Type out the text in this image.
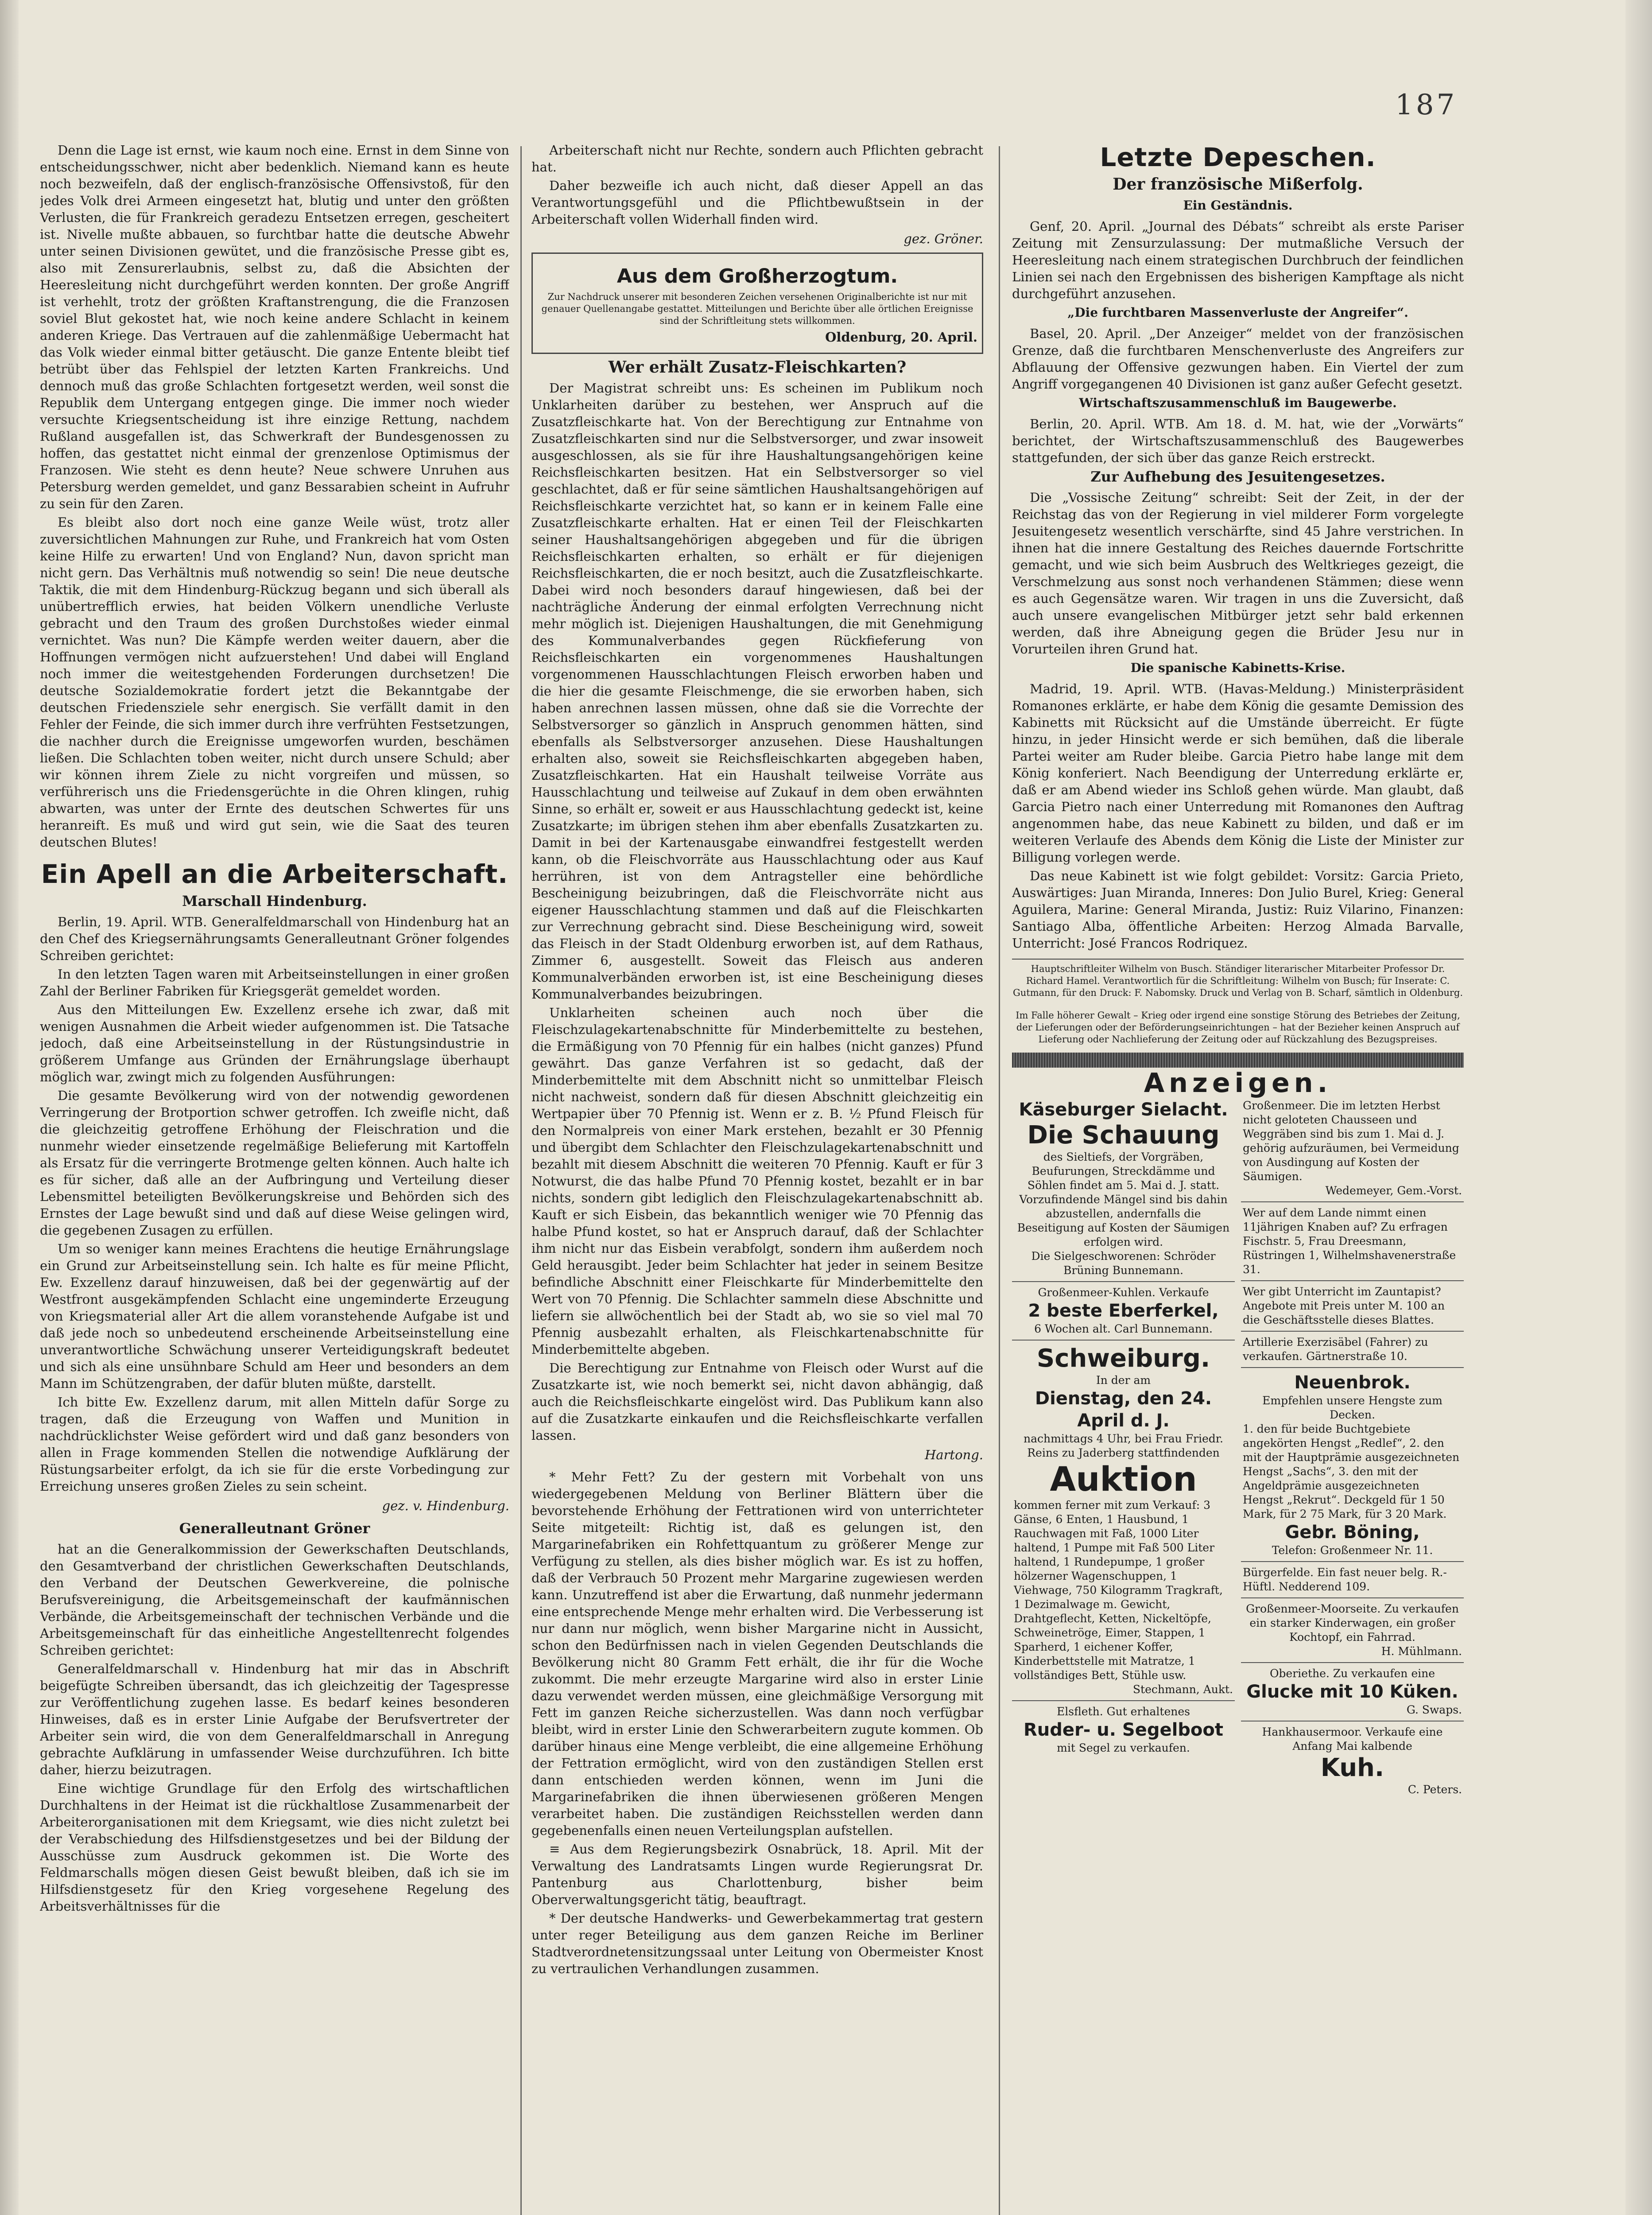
187

Denn die Lage ist ernst, wie kaum noch eine. Ernst in dem Sinne von entscheidungsschwer, nicht aber bedenklich. Niemand kann es heute noch bezweifeln, daß der englisch-französische Offensivstoß, für den jedes Volk drei Armeen eingesetzt hat, blutig und unter den größten Verlusten, die für Frankreich geradezu Entsetzen erregen, gescheitert ist. Nivelle mußte abbauen, so furchtbar hatte die deutsche Abwehr unter seinen Divisionen gewütet, und die französische Presse gibt es, also mit Zensurerlaubnis, selbst zu, daß die Absichten der Heeresleitung nicht durchgeführt werden konnten. Der große Angriff ist verhehlt, trotz der größten Kraftanstrengung, die die Franzosen soviel Blut gekostet hat, wie noch keine andere Schlacht in keinem anderen Kriege. Das Vertrauen auf die zahlenmäßige Uebermacht hat das Volk wieder einmal bitter getäuscht. Die ganze Entente bleibt tief betrübt über das Fehlspiel der letzten Karten Frankreichs. Und dennoch muß das große Schlachten fortgesetzt werden, weil sonst die Republik dem Untergang entgegen ginge. Die immer noch wieder versuchte Kriegsentscheidung ist ihre einzige Rettung, nachdem Rußland ausgefallen ist, das Schwerkraft der Bundesgenossen zu hoffen, das gestattet nicht einmal der grenzenlose Optimismus der Franzosen. Wie steht es denn heute? Neue schwere Unruhen aus Petersburg werden gemeldet, und ganz Bessarabien scheint in Aufruhr zu sein für den Zaren.

Es bleibt also dort noch eine ganze Weile wüst, trotz aller zuversichtlichen Mahnungen zur Ruhe, und Frankreich hat vom Osten keine Hilfe zu erwarten! Und von England? Nun, davon spricht man nicht gern. Das Verhältnis muß notwendig so sein! Die neue deutsche Taktik, die mit dem Hindenburg-Rückzug begann und sich überall als unübertrefflich erwies, hat beiden Völkern unendliche Verluste gebracht und den Traum des großen Durchstoßes wieder einmal vernichtet. Was nun? Die Kämpfe werden weiter dauern, aber die Hoffnungen vermögen nicht aufzuerstehen! Und dabei will England noch immer die weitestgehenden Forderungen durchsetzen! Die deutsche Sozialdemokratie fordert jetzt die Bekanntgabe der deutschen Friedensziele sehr energisch. Sie verfällt damit in den Fehler der Feinde, die sich immer durch ihre verfrühten Festsetzungen, die nachher durch die Ereignisse umgeworfen wurden, beschämen ließen. Die Schlachten toben weiter, nicht durch unsere Schuld; aber wir können ihrem Ziele zu nicht vorgreifen und müssen, so verführerisch uns die Friedensgerüchte in die Ohren klingen, ruhig abwarten, was unter der Ernte des deutschen Schwertes für uns heranreift. Es muß und wird gut sein, wie die Saat des teuren deutschen Blutes!

Ein Apell an die Arbeiterschaft.
Marschall Hindenburg.

Berlin, 19. April. WTB. Generalfeldmarschall von Hindenburg hat an den Chef des Kriegsernährungsamts Generalleutnant Gröner folgendes Schreiben gerichtet:

In den letzten Tagen waren mit Arbeitseinstellungen in einer großen Zahl der Berliner Fabriken für Kriegsgerät gemeldet worden.

Aus den Mitteilungen Ew. Exzellenz ersehe ich zwar, daß mit wenigen Ausnahmen die Arbeit wieder aufgenommen ist. Die Tatsache jedoch, daß eine Arbeitseinstellung in der Rüstungsindustrie in größerem Umfange aus Gründen der Ernährungslage überhaupt möglich war, zwingt mich zu folgenden Ausführungen:

Die gesamte Bevölkerung wird von der notwendig gewordenen Verringerung der Brotportion schwer getroffen. Ich zweifle nicht, daß die gleichzeitig getroffene Erhöhung der Fleischration und die nunmehr wieder einsetzende regelmäßige Belieferung mit Kartoffeln als Ersatz für die verringerte Brotmenge gelten können. Auch halte ich es für sicher, daß alle an der Aufbringung und Verteilung dieser Lebensmittel beteiligten Bevölkerungskreise und Behörden sich des Ernstes der Lage bewußt sind und daß auf diese Weise gelingen wird, die gegebenen Zusagen zu erfüllen.

Um so weniger kann meines Erachtens die heutige Ernährungslage ein Grund zur Arbeitseinstellung sein. Ich halte es für meine Pflicht, Ew. Exzellenz darauf hinzuweisen, daß bei der gegenwärtig auf der Westfront ausgekämpfenden Schlacht eine ungeminderte Erzeugung von Kriegsmaterial aller Art die allem voranstehende Aufgabe ist und daß jede noch so unbedeutend erscheinende Arbeitseinstellung eine unverantwortliche Schwächung unserer Verteidigungskraft bedeutet und sich als eine unsühnbare Schuld am Heer und besonders an dem Mann im Schützengraben, der dafür bluten müßte, darstellt.

Ich bitte Ew. Exzellenz darum, mit allen Mitteln dafür Sorge zu tragen, daß die Erzeugung von Waffen und Munition in nachdrücklichster Weise gefördert wird und daß ganz besonders von allen in Frage kommenden Stellen die notwendige Aufklärung der Rüstungsarbeiter erfolgt, da ich sie für die erste Vorbedingung zur Erreichung unseres großen Zieles zu sein scheint.

gez. v. Hindenburg.
Generalleutnant Gröner

hat an die Generalkommission der Gewerkschaften Deutschlands, den Gesamtverband der christlichen Gewerkschaften Deutschlands, den Verband der Deutschen Gewerkvereine, die polnische Berufsvereinigung, die Arbeitsgemeinschaft der kaufmännischen Verbände, die Arbeitsgemeinschaft der technischen Verbände und die Arbeitsgemeinschaft für das einheitliche Angestelltenrecht folgendes Schreiben gerichtet:

Generalfeldmarschall v. Hindenburg hat mir das in Abschrift beigefügte Schreiben übersandt, das ich gleichzeitig der Tagespresse zur Veröffentlichung zugehen lasse. Es bedarf keines besonderen Hinweises, daß es in erster Linie Aufgabe der Berufsvertreter der Arbeiter sein wird, die von dem Generalfeldmarschall in Anregung gebrachte Aufklärung in umfassender Weise durchzuführen. Ich bitte daher, hierzu beizutragen.

Eine wichtige Grundlage für den Erfolg des wirtschaftlichen Durchhaltens in der Heimat ist die rückhaltlose Zusammenarbeit der Arbeiterorganisationen mit dem Kriegsamt, wie dies nicht zuletzt bei der Verabschiedung des Hilfsdienstgesetzes und bei der Bildung der Ausschüsse zum Ausdruck gekommen ist. Die Worte des Feldmarschalls mögen diesen Geist bewußt bleiben, daß ich sie im Hilfsdienstgesetz für den Krieg vorgesehene Regelung des Arbeitsverhältnisses für die

Arbeiterschaft nicht nur Rechte, sondern auch Pflichten gebracht hat.

Daher bezweifle ich auch nicht, daß dieser Appell an das Verantwortungsgefühl und die Pflichtbewußtsein in der Arbeiterschaft vollen Widerhall finden wird.

gez. Gröner.
Aus dem Großherzogtum.
Zur Nachdruck unserer mit besonderen Zeichen versehenen Originalberichte ist nur mit genauer Quellenangabe gestattet. Mitteilungen und Berichte über alle örtlichen Ereignisse sind der Schriftleitung stets willkommen.
Oldenburg, 20. April.
Wer erhält Zusatz-Fleischkarten?

Der Magistrat schreibt uns: Es scheinen im Publikum noch Unklarheiten darüber zu bestehen, wer Anspruch auf die Zusatzfleischkarte hat. Von der Berechtigung zur Entnahme von Zusatzfleischkarten sind nur die Selbstversorger, und zwar insoweit ausgeschlossen, als sie für ihre Haushaltungsangehörigen keine Reichsfleischkarten besitzen. Hat ein Selbstversorger so viel geschlachtet, daß er für seine sämtlichen Haushaltsangehörigen auf Reichsfleischkarte verzichtet hat, so kann er in keinem Falle eine Zusatzfleischkarte erhalten. Hat er einen Teil der Fleischkarten seiner Haushaltsangehörigen abgegeben und für die übrigen Reichsfleischkarten erhalten, so erhält er für diejenigen Reichsfleischkarten, die er noch besitzt, auch die Zusatzfleischkarte. Dabei wird noch besonders darauf hingewiesen, daß bei der nachträgliche Änderung der einmal erfolgten Verrechnung nicht mehr möglich ist. Diejenigen Haushaltungen, die mit Genehmigung des Kommunalverbandes gegen Rückfieferung von Reichsfleischkarten ein vorgenommenes Haushaltungen vorgenommenen Hausschlachtungen Fleisch erworben haben und die hier die gesamte Fleischmenge, die sie erworben haben, sich haben anrechnen lassen müssen, ohne daß sie die Vorrechte der Selbstversorger so gänzlich in Anspruch genommen hätten, sind ebenfalls als Selbstversorger anzusehen. Diese Haushaltungen erhalten also, soweit sie Reichsfleischkarten abgegeben haben, Zusatzfleischkarten. Hat ein Haushalt teilweise Vorräte aus Hausschlachtung und teilweise auf Zukauf in dem oben erwähnten Sinne, so erhält er, soweit er aus Hausschlachtung gedeckt ist, keine Zusatzkarte; im übrigen stehen ihm aber ebenfalls Zusatzkarten zu. Damit in bei der Kartenausgabe einwandfrei festgestellt werden kann, ob die Fleischvorräte aus Hausschlachtung oder aus Kauf herrühren, ist von dem Antragsteller eine behördliche Bescheinigung beizubringen, daß die Fleischvorräte nicht aus eigener Hausschlachtung stammen und daß auf die Fleischkarten zur Verrechnung gebracht sind. Diese Bescheinigung wird, soweit das Fleisch in der Stadt Oldenburg erworben ist, auf dem Rathaus, Zimmer 6, ausgestellt. Soweit das Fleisch aus anderen Kommunalverbänden erworben ist, ist eine Bescheinigung dieses Kommunalverbandes beizubringen.

Unklarheiten scheinen auch noch über die Fleischzulagekartenabschnitte für Minderbemittelte zu bestehen, die Ermäßigung von 70 Pfennig für ein halbes (nicht ganzes) Pfund gewährt. Das ganze Verfahren ist so gedacht, daß der Minderbemittelte mit dem Abschnitt nicht so unmittelbar Fleisch nicht nachweist, sondern daß für diesen Abschnitt gleichzeitig ein Wertpapier über 70 Pfennig ist. Wenn er z. B. ½ Pfund Fleisch für den Normalpreis von einer Mark erstehen, bezahlt er 30 Pfennig und übergibt dem Schlachter den Fleischzulagekartenabschnitt und bezahlt mit diesem Abschnitt die weiteren 70 Pfennig. Kauft er für 3 Notwurst, die das halbe Pfund 70 Pfennig kostet, bezahlt er in bar nichts, sondern gibt lediglich den Fleischzulagekartenabschnitt ab. Kauft er sich Eisbein, das bekanntlich weniger wie 70 Pfennig das halbe Pfund kostet, so hat er Anspruch darauf, daß der Schlachter ihm nicht nur das Eisbein verabfolgt, sondern ihm außerdem noch Geld herausgibt. Jeder beim Schlachter hat jeder in seinem Besitze befindliche Abschnitt einer Fleischkarte für Minderbemittelte den Wert von 70 Pfennig. Die Schlachter sammeln diese Abschnitte und liefern sie allwöchentlich bei der Stadt ab, wo sie so viel mal 70 Pfennig ausbezahlt erhalten, als Fleischkartenabschnitte für Minderbemittelte abgeben.

Die Berechtigung zur Entnahme von Fleisch oder Wurst auf die Zusatzkarte ist, wie noch bemerkt sei, nicht davon abhängig, daß auch die Reichsfleischkarte eingelöst wird. Das Publikum kann also auf die Zusatzkarte einkaufen und die Reichsfleischkarte verfallen lassen.

Hartong.

* Mehr Fett? Zu der gestern mit Vorbehalt von uns wiedergegebenen Meldung von Berliner Blättern über die bevorstehende Erhöhung der Fettrationen wird von unterrichteter Seite mitgeteilt: Richtig ist, daß es gelungen ist, den Margarinefabriken ein Rohfettquantum zu größerer Menge zur Verfügung zu stellen, als dies bisher möglich war. Es ist zu hoffen, daß der Verbrauch 50 Prozent mehr Margarine zugewiesen werden kann. Unzutreffend ist aber die Erwartung, daß nunmehr jedermann eine entsprechende Menge mehr erhalten wird. Die Verbesserung ist nur dann nur möglich, wenn bisher Margarine nicht in Aussicht, schon den Bedürfnissen nach in vielen Gegenden Deutschlands die Bevölkerung nicht 80 Gramm Fett erhält, die ihr für die Woche zukommt. Die mehr erzeugte Margarine wird also in erster Linie dazu verwendet werden müssen, eine gleichmäßige Versorgung mit Fett im ganzen Reiche sicherzustellen. Was dann noch verfügbar bleibt, wird in erster Linie den Schwerarbeitern zugute kommen. Ob darüber hinaus eine Menge verbleibt, die eine allgemeine Erhöhung der Fettration ermöglicht, wird von den zuständigen Stellen erst dann entschieden werden können, wenn im Juni die Margarinefabriken die ihnen überwiesenen größeren Mengen verarbeitet haben. Die zuständigen Reichsstellen werden dann gegebenenfalls einen neuen Verteilungsplan aufstellen.

≡ Aus dem Regierungsbezirk Osnabrück, 18. April. Mit der Verwaltung des Landratsamts Lingen wurde Regierungsrat Dr. Pantenburg aus Charlottenburg, bisher beim Oberverwaltungsgericht tätig, beauftragt.

* Der deutsche Handwerks- und Gewerbekammertag trat gestern unter reger Beteiligung aus dem ganzen Reiche im Berliner Stadtverordnetensitzungssaal unter Leitung von Obermeister Knost zu vertraulichen Verhandlungen zusammen.

Letzte Depeschen.
Der französische Mißerfolg.
Ein Geständnis.

Genf, 20. April. „Journal des Débats“ schreibt als erste Pariser Zeitung mit Zensurzulassung: Der mutmaßliche Versuch der Heeresleitung nach einem strategischen Durchbruch der feindlichen Linien sei nach den Ergebnissen des bisherigen Kampftage als nicht durchgeführt anzusehen.

„Die furchtbaren Massenverluste der Angreifer“.

Basel, 20. April. „Der Anzeiger“ meldet von der französischen Grenze, daß die furchtbaren Menschenverluste des Angreifers zur Abflauung der Offensive gezwungen haben. Ein Viertel der zum Angriff vorgegangenen 40 Divisionen ist ganz außer Gefecht gesetzt.

Wirtschaftszusammenschluß im Baugewerbe.

Berlin, 20. April. WTB. Am 18. d. M. hat, wie der „Vorwärts“ berichtet, der Wirtschaftszusammenschluß des Baugewerbes stattgefunden, der sich über das ganze Reich erstreckt.

Zur Aufhebung des Jesuitengesetzes.

Die „Vossische Zeitung“ schreibt: Seit der Zeit, in der der Reichstag das von der Regierung in viel milderer Form vorgelegte Jesuitengesetz wesentlich verschärfte, sind 45 Jahre verstrichen. In ihnen hat die innere Gestaltung des Reiches dauernde Fortschritte gemacht, und wie sich beim Ausbruch des Weltkrieges gezeigt, die Verschmelzung aus sonst noch verhandenen Stämmen; diese wenn es auch Gegensätze waren. Wir tragen in uns die Zuversicht, daß auch unsere evangelischen Mitbürger jetzt sehr bald erkennen werden, daß ihre Abneigung gegen die Brüder Jesu nur in Vorurteilen ihren Grund hat.

Die spanische Kabinetts-Krise.

Madrid, 19. April. WTB. (Havas-Meldung.) Ministerpräsident Romanones erklärte, er habe dem König die gesamte Demission des Kabinetts mit Rücksicht auf die Umstände überreicht. Er fügte hinzu, in jeder Hinsicht werde er sich bemühen, daß die liberale Partei weiter am Ruder bleibe. Garcia Pietro habe lange mit dem König konferiert. Nach Beendigung der Unterredung erklärte er, daß er am Abend wieder ins Schloß gehen würde. Man glaubt, daß Garcia Pietro nach einer Unterredung mit Romanones den Auftrag angenommen habe, das neue Kabinett zu bilden, und daß er im weiteren Verlaufe des Abends dem König die Liste der Minister zur Billigung vorlegen werde.

Das neue Kabinett ist wie folgt gebildet: Vorsitz: Garcia Prieto, Auswärtiges: Juan Miranda, Inneres: Don Julio Burel, Krieg: General Aguilera, Marine: General Miranda, Justiz: Ruiz Vilarino, Finanzen: Santiago Alba, öffentliche Arbeiten: Herzog Almada Barvalle, Unterricht: José Francos Rodriquez.

Hauptschriftleiter Wilhelm von Busch. Ständiger literarischer Mitarbeiter Professor Dr. Richard Hamel. Verantwortlich für die Schriftleitung: Wilhelm von Busch; für Inserate: C. Gutmann, für den Druck: F. Nabomsky. Druck und Verlag von B. Scharf, sämtlich in Oldenburg.
Im Falle höherer Gewalt – Krieg oder irgend eine sonstige Störung des Betriebes der Zeitung, der Lieferungen oder der Beförderungseinrichtungen – hat der Bezieher keinen Anspruch auf Lieferung oder Nachlieferung der Zeitung oder auf Rückzahlung des Bezugspreises.
Anzeigen.
Käseburger Sielacht.
Die Schauung
des Sieltiefs, der Vorgräben, Beufurungen, Streckdämme und Söhlen findet am 5. Mai d. J. statt. Vorzufindende Mängel sind bis dahin abzustellen, andernfalls die Beseitigung auf Kosten der Säumigen erfolgen wird.
Die Sielgeschworenen: Schröder Brüning Bunnemann.
Großenmeer-Kuhlen. Verkaufe
2 beste Eberferkel,
6 Wochen alt. Carl Bunnemann.
Schweiburg.
In der am
Dienstag, den 24. April d. J.
nachmittags 4 Uhr, bei Frau Friedr. Reins zu Jaderberg stattfindenden
Auktion
kommen ferner mit zum Verkauf: 3 Gänse, 6 Enten, 1 Hausbund, 1 Rauchwagen mit Faß, 1000 Liter haltend, 1 Pumpe mit Faß 500 Liter haltend, 1 Rundepumpe, 1 großer hölzerner Wagenschuppen, 1 Viehwage, 750 Kilogramm Tragkraft, 1 Dezimalwage m. Gewicht, Drahtgeflecht, Ketten, Nickeltöpfe, Schweinetröge, Eimer, Stappen, 1 Sparherd, 1 eichener Koffer, Kinderbettstelle mit Matratze, 1 vollständiges Bett, Stühle usw.
Stechmann, Aukt.
Elsfleth. Gut erhaltenes
Ruder- u. Segelboot
mit Segel zu verkaufen.
Großenmeer. Die im letzten Herbst nicht geloteten Chausseen und Weggräben sind bis zum 1. Mai d. J. gehörig aufzuräumen, bei Vermeidung von Ausdingung auf Kosten der Säumigen.
Wedemeyer, Gem.-Vorst.
Wer auf dem Lande nimmt einen 11jährigen Knaben auf? Zu erfragen Fischstr. 5, Frau Dreesmann, Rüstringen 1, Wilhelmshavenerstraße 31.
Wer gibt Unterricht im Zauntapist? Angebote mit Preis unter M. 100 an die Geschäftsstelle dieses Blattes.
Artillerie Exerzisäbel (Fahrer) zu verkaufen. Gärtnerstraße 10.
Neuenbrok.
Empfehlen unsere Hengste zum Decken.
1. den für beide Buchtgebiete angekörten Hengst „Redlef“, 2. den mit der Hauptprämie ausgezeichneten Hengst „Sachs“, 3. den mit der Angeldprämie ausgezeichneten Hengst „Rekrut“. Deckgeld für 1 50 Mark, für 2 75 Mark, für 3 20 Mark.
Gebr. Böning,
Telefon: Großenmeer Nr. 11.
Bürgerfelde. Ein fast neuer belg. R.-Hüftl. Nedderend 109.
Großenmeer-Moorseite. Zu verkaufen ein starker Kinderwagen, ein großer Kochtopf, ein Fahrrad.
H. Mühlmann.
Oberiethe. Zu verkaufen eine
Glucke mit 10 Küken.
G. Swaps.
Hankhausermoor. Verkaufe eine Anfang Mai kalbende
Kuh.
C. Peters.
